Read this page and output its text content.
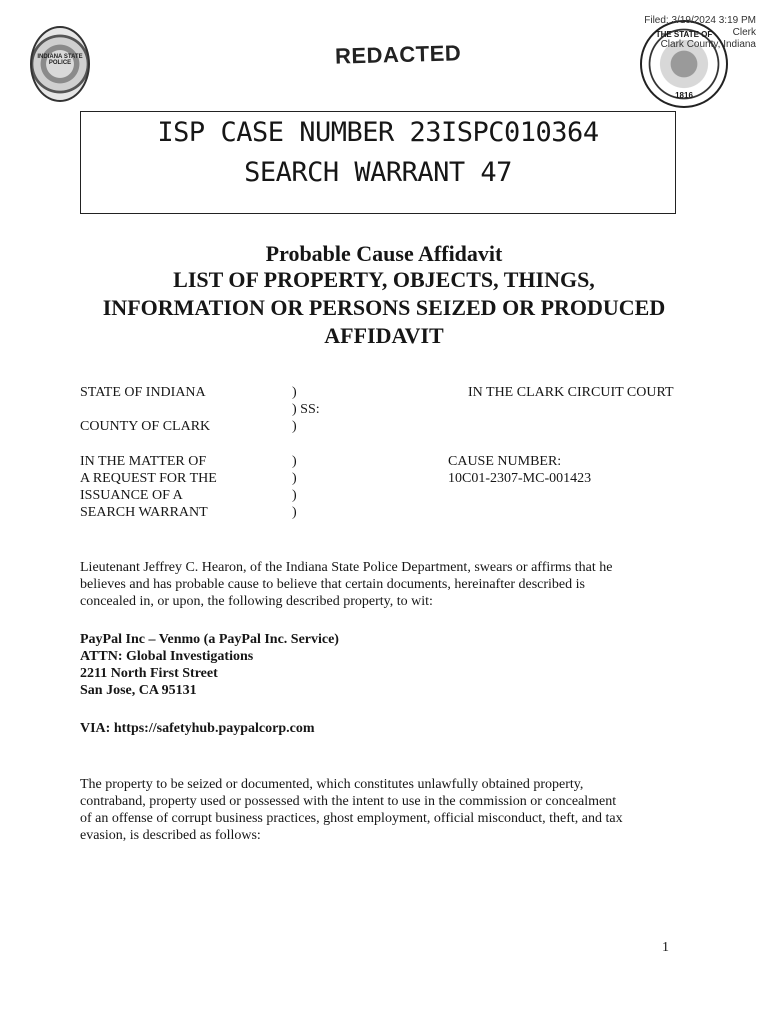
INDIANA STATE POLICE
THE STATE OF
1816
Filed: 3/19/2024 3:19 PM
Clerk
Clark County, Indiana
REDACTED
ISP CASE NUMBER 23ISPC010364
SEARCH WARRANT 47
Probable Cause Affidavit
LIST OF PROPERTY, OBJECTS, THINGS,
INFORMATION OR PERSONS SEIZED OR PRODUCED
AFFIDAVIT
STATE OF INDIANA	)
) SS:
)
COUNTY OF CLARK
IN THE CLARK CIRCUIT COURT
IN THE MATTER OF
A REQUEST FOR THE
ISSUANCE OF A
SEARCH WARRANT
)
)
)
)
CAUSE NUMBER:
10C01-2307-MC-001423
Lieutenant Jeffrey C. Hearon, of the Indiana State Police Department, swears or affirms that he
believes and has probable cause to believe that certain documents, hereinafter described is
concealed in, or upon, the following described property, to wit:
PayPal Inc – Venmo (a PayPal Inc. Service)
ATTN: Global Investigations
2211 North First Street
San Jose, CA 95131
VIA: https://safetyhub.paypalcorp.com
The property to be seized or documented, which constitutes unlawfully obtained property,
contraband, property used or possessed with the intent to use in the commission or concealment
of an offense of corrupt business practices, ghost employment, official misconduct, theft, and tax
evasion, is described as follows:
1
